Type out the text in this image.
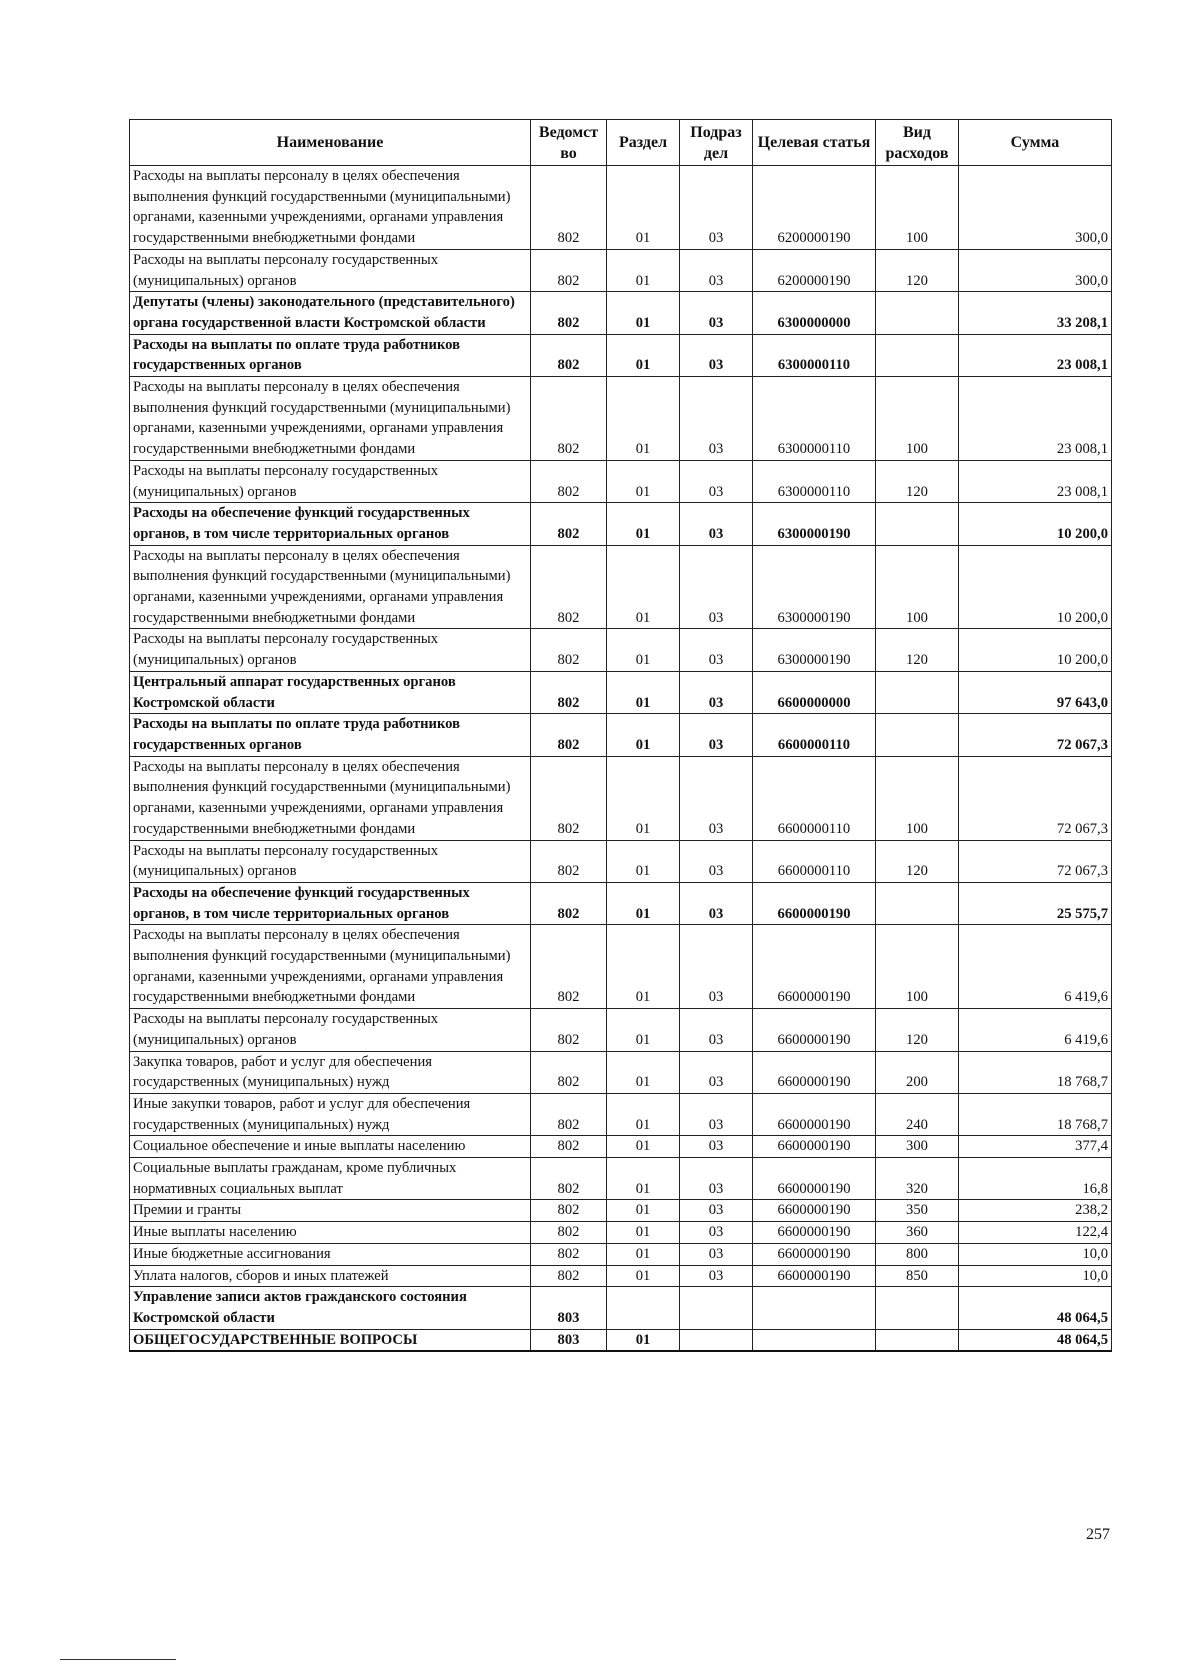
Наименование	Ведомст во	Раздел	Подраз дел	Целевая статья	Вид расходов	Сумма
Расходы на выплаты персоналу в целях обеспечения выполнения функций государственными (муниципальными) органами, казенными учреждениями, органами управления государственными внебюджетными фондами	802	01	03	6200000190	100	300,0
Расходы на выплаты персоналу государственных (муниципальных) органов	802	01	03	6200000190	120	300,0
Депутаты (члены) законодательного (представительного) органа государственной власти Костромской области	802	01	03	6300000000		33 208,1
Расходы на выплаты по оплате труда работников государственных органов	802	01	03	6300000110		23 008,1
Расходы на выплаты персоналу в целях обеспечения выполнения функций государственными (муниципальными) органами, казенными учреждениями, органами управления государственными внебюджетными фондами	802	01	03	6300000110	100	23 008,1
Расходы на выплаты персоналу государственных (муниципальных) органов	802	01	03	6300000110	120	23 008,1
Расходы на обеспечение функций государственных органов, в том числе территориальных органов	802	01	03	6300000190		10 200,0
Расходы на выплаты персоналу в целях обеспечения выполнения функций государственными (муниципальными) органами, казенными учреждениями, органами управления государственными внебюджетными фондами	802	01	03	6300000190	100	10 200,0
Расходы на выплаты персоналу государственных (муниципальных) органов	802	01	03	6300000190	120	10 200,0
Центральный аппарат государственных органов Костромской области	802	01	03	6600000000		97 643,0
Расходы на выплаты по оплате труда работников государственных органов	802	01	03	6600000110		72 067,3
Расходы на выплаты персоналу в целях обеспечения выполнения функций государственными (муниципальными) органами, казенными учреждениями, органами управления государственными внебюджетными фондами	802	01	03	6600000110	100	72 067,3
Расходы на выплаты персоналу государственных (муниципальных) органов	802	01	03	6600000110	120	72 067,3
Расходы на обеспечение функций государственных органов, в том числе территориальных органов	802	01	03	6600000190		25 575,7
Расходы на выплаты персоналу в целях обеспечения выполнения функций государственными (муниципальными) органами, казенными учреждениями, органами управления государственными внебюджетными фондами	802	01	03	6600000190	100	6 419,6
Расходы на выплаты персоналу государственных (муниципальных) органов	802	01	03	6600000190	120	6 419,6
Закупка товаров, работ и услуг для обеспечения государственных (муниципальных) нужд	802	01	03	6600000190	200	18 768,7
Иные закупки товаров, работ и услуг для обеспечения государственных (муниципальных) нужд	802	01	03	6600000190	240	18 768,7
Социальное обеспечение и иные выплаты населению	802	01	03	6600000190	300	377,4
Социальные выплаты гражданам, кроме публичных нормативных социальных выплат	802	01	03	6600000190	320	16,8
Премии и гранты	802	01	03	6600000190	350	238,2
Иные выплаты населению	802	01	03	6600000190	360	122,4
Иные бюджетные ассигнования	802	01	03	6600000190	800	10,0
Уплата налогов, сборов и иных платежей	802	01	03	6600000190	850	10,0
Управление записи актов гражданского состояния Костромской области	803					48 064,5
ОБЩЕГОСУДАРСТВЕННЫЕ ВОПРОСЫ	803	01				48 064,5
257
